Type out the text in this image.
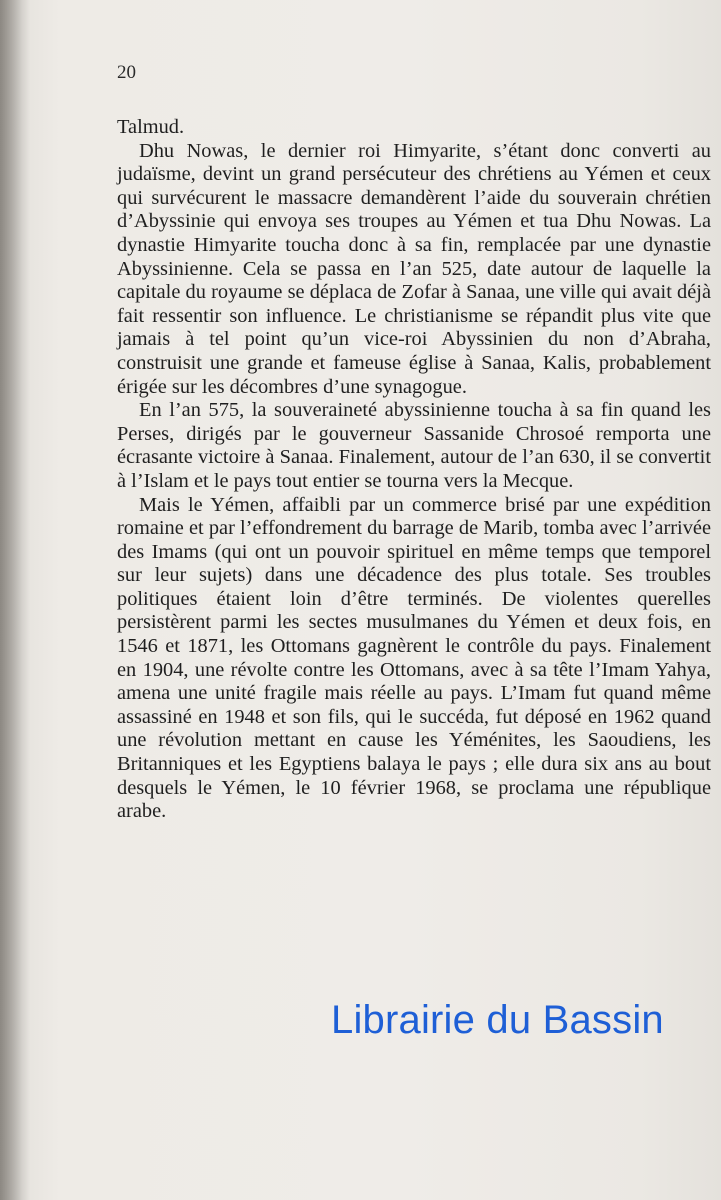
20

Talmud.

Dhu Nowas, le dernier roi Himyarite, s’étant donc converti au judaïsme, devint un grand persécuteur des chrétiens au Yémen et ceux qui survécurent le massacre demandèrent l’aide du souverain chrétien d’Abyssinie qui envoya ses troupes au Yémen et tua Dhu Nowas. La dynastie Himyarite toucha donc à sa fin, remplacée par une dynastie Abyssinienne. Cela se passa en l’an 525, date autour de laquelle la capitale du royaume se déplaca de Zofar à Sanaa, une ville qui avait déjà fait ressentir son influence. Le christianisme se répandit plus vite que jamais à tel point qu’un vice-roi Abyssinien du non d’Abraha, construisit une grande et fameuse église à Sanaa, Kalis, probablement érigée sur les décombres d’une synagogue.

En l’an 575, la souveraineté abyssinienne toucha à sa fin quand les Perses, dirigés par le gouverneur Sassanide Chrosoé remporta une écrasante victoire à Sanaa. Finalement, autour de l’an 630, il se convertit à l’Islam et le pays tout entier se tourna vers la Mecque.

Mais le Yémen, affaibli par un commerce brisé par une expédition romaine et par l’effondrement du barrage de Marib, tomba avec l’arrivée des Imams (qui ont un pouvoir spirituel en même temps que temporel sur leur sujets) dans une décadence des plus totale. Ses troubles politiques étaient loin d’être terminés. De violentes querelles persistèrent parmi les sectes musulmanes du Yémen et deux fois, en 1546 et 1871, les Ottomans gagnèrent le contrôle du pays. Finalement en 1904, une révolte contre les Ottomans, avec à sa tête l’Imam Yahya, amena une unité fragile mais réelle au pays. L’Imam fut quand même assassiné en 1948 et son fils, qui le succéda, fut déposé en 1962 quand une révolution mettant en cause les Yéménites, les Saoudiens, les Britanniques et les Egyptiens balaya le pays ; elle dura six ans au bout desquels le Yémen, le 10 février 1968, se proclama une république arabe.

Librairie du Bassin
